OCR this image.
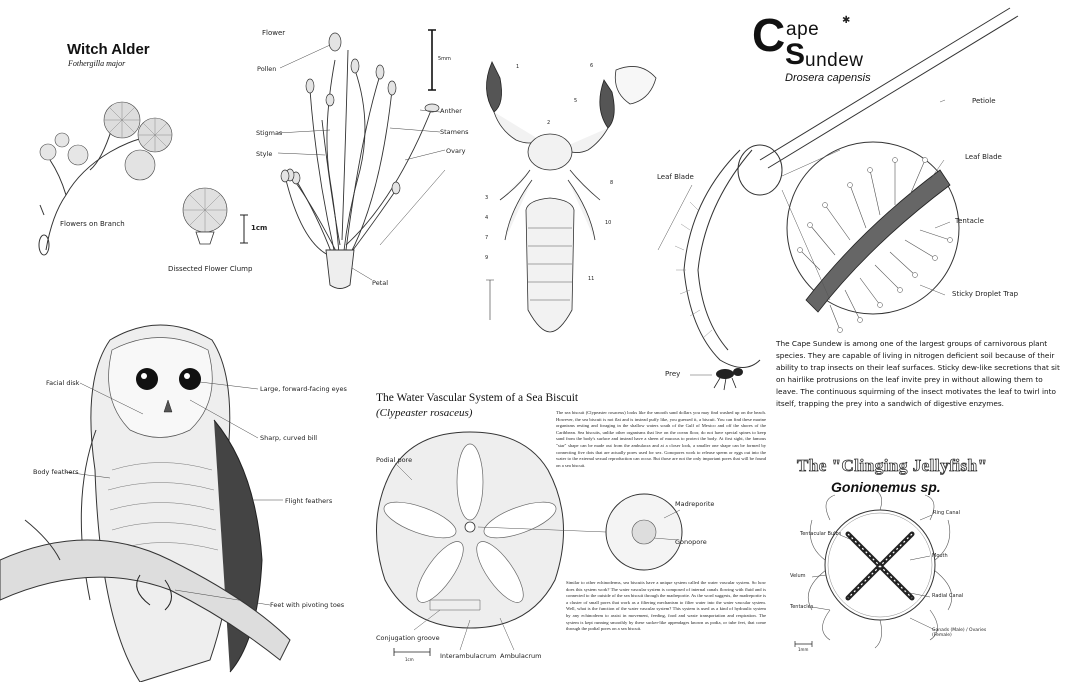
Witch Alder
Fothergilla major
Flowers on Branch
Dissected Flower Clump
1cm
Flower
Pollen
Stigmas
Style
Anther
Stamens
Ovary
Petal
5mm
1
2
3
4
5
6
7
8
9
10
11
C ape
S undew
Drosera capensis
✱
Petiole
Leaf Blade
Leaf Blade
Tentacle
Sticky Droplet Trap
Prey
The Cape Sundew is among one of the largest groups of carnivorous plant species. They are capable of living in nitrogen deficient soil because of their ability to trap insects on their leaf surfaces. Sticky dew-like secretions that sit on hairlike protrusions on the leaf invite prey in without allowing them to leave. The continuous squirming of the insect motivates the leaf to twirl into itself, trapping the prey into a sandwich of digestive enzymes.
Facial disk
Large, forward-facing eyes
Sharp, curved bill
Body feathers
Flight feathers
Feet with pivoting toes
The Water Vascular System of a Sea Biscuit
(Clypeaster rosaceus)
Podial pore
Madreporite
Gonopore
Conjugation groove
Interambulacrum Ambulacrum
1cm
The sea biscuit (Clypeaster rosaceus) looks like the smooth sand dollars you may find washed up on the beach. However, the sea biscuit is not flat and is instead puffy like, you guessed it, a biscuit. You can find these marine organisms resting and foraging in the shallow waters south of the Gulf of Mexico and off the shores of the Caribbean. Sea biscuits, unlike other organisms that live on the ocean floor, do not have special spines to keep sand from the body's surface and instead have a sheen of mucous to protect the body. At first sight, the famous "star" shape can be made out from the ambulacra and at a closer look, a smaller one shape can be formed by connecting five dots that are actually pores used for sex. Gonopores work to release sperm or eggs out into the water to the external sexual reproduction can occur. But those are not the only important pores that will be found on a sea biscuit.
Similar to other echinoderms, sea biscuits have a unique system called the water vascular system. So how does this system work? The water vascular system is composed of internal canals flowing with fluid and is connected to the outside of the sea biscuit through the madreporite. As the word suggests, the madreporite is a cluster of small pores that work as a filtering mechanism to filter water into the water vascular system. Well, what is the function of the water vascular system? This system is used as a kind of hydraulic system by any echinoderm to assist in movement, feeding, food and waste transportation and respiration. The system is kept running smoothly by these sucker-like appendages known as podia, or tube feet, that come through the podial pores on a sea biscuit.
The "Clinging Jellyfish"
Gonionemus sp.
Ring Canal
Tentacular Bulbs
Mouth
Velum
Radial Canal
Tentacles
Gonads (Male) / Ovaries (Female)
1mm
